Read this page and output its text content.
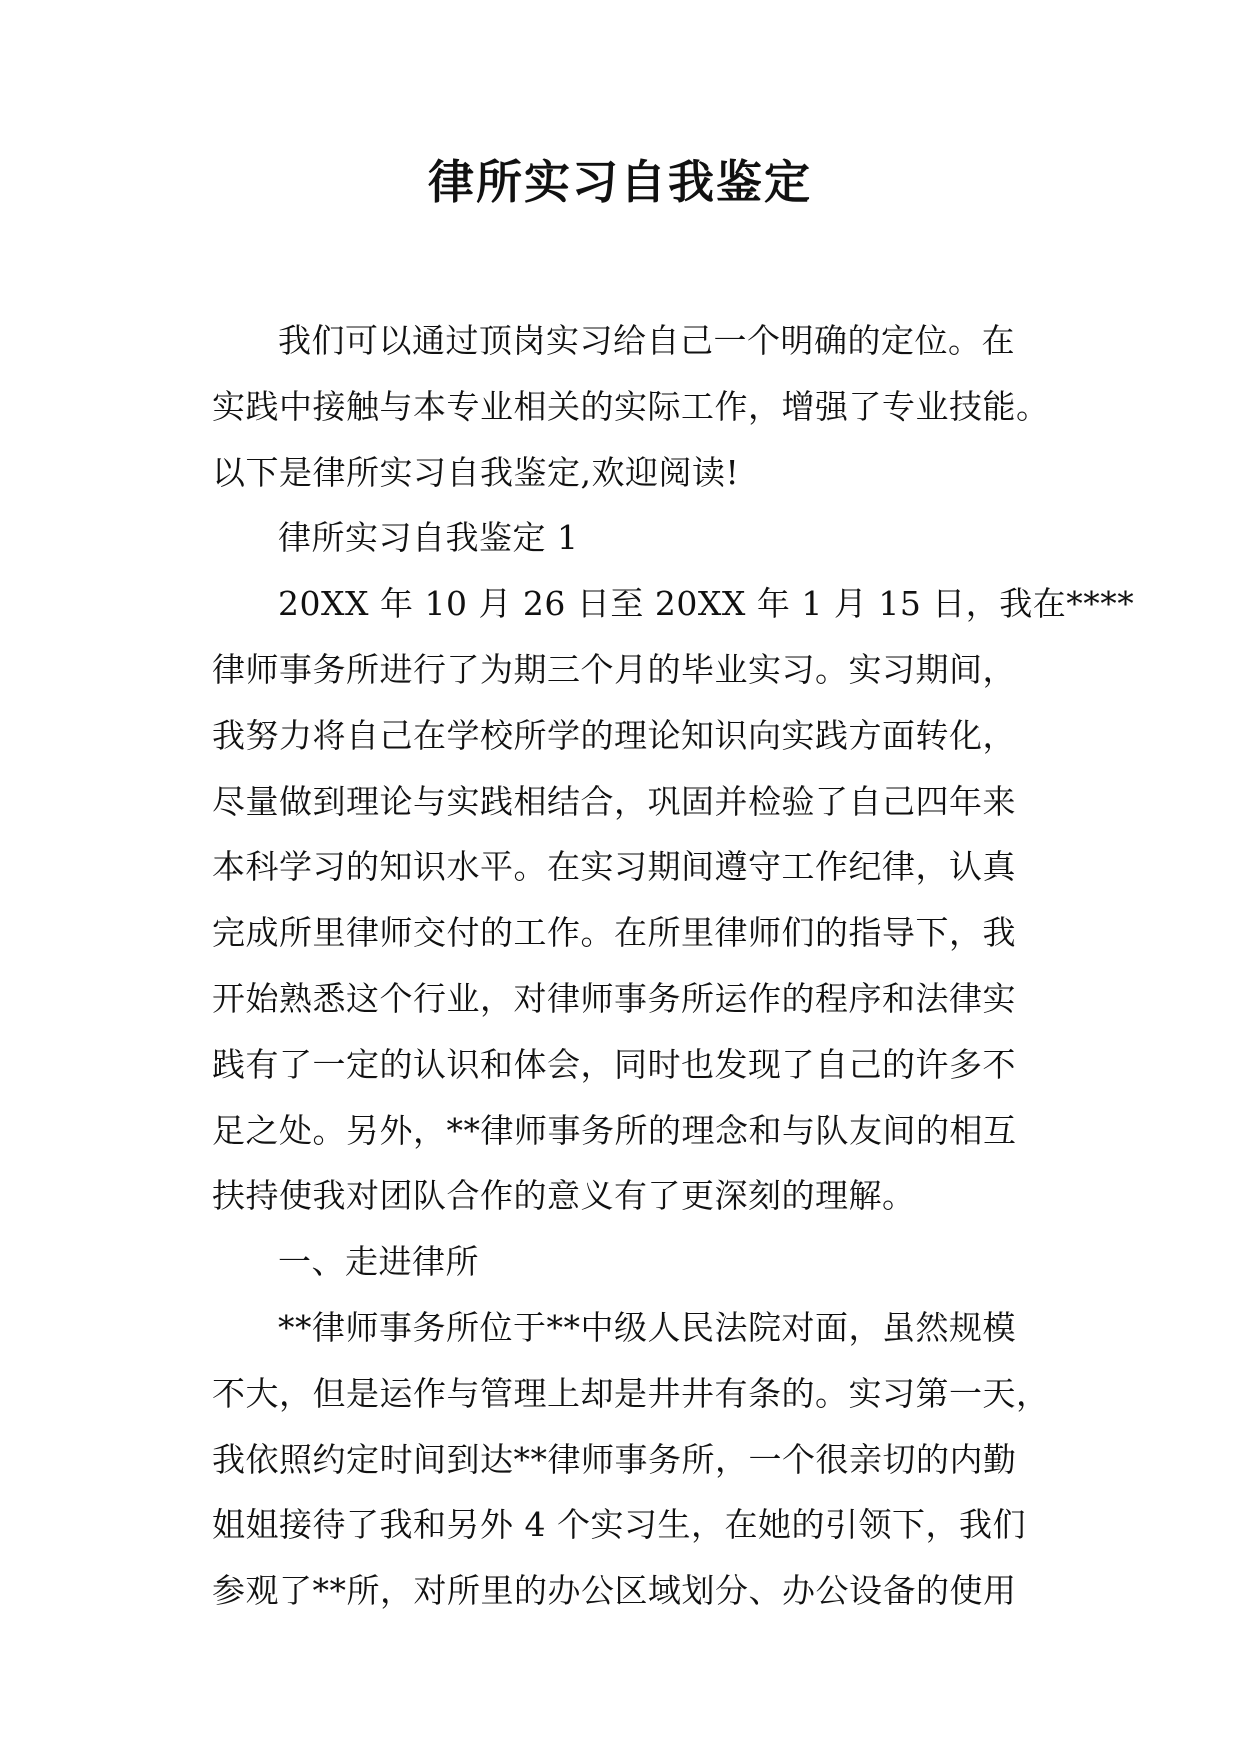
律所实习自我鉴定
我们可以通过顶岗实习给自己一个明确的定位。在
实践中接触与本专业相关的实际工作，增强了专业技能。
以下是律所实习自我鉴定,欢迎阅读!
律所实习自我鉴定 1
20XX 年 10 月 26 日至 20XX 年 1 月 15 日，我在****
律师事务所进行了为期三个月的毕业实习。实习期间，
我努力将自己在学校所学的理论知识向实践方面转化，
尽量做到理论与实践相结合，巩固并检验了自己四年来
本科学习的知识水平。在实习期间遵守工作纪律，认真
完成所里律师交付的工作。在所里律师们的指导下，我
开始熟悉这个行业，对律师事务所运作的程序和法律实
践有了一定的认识和体会，同时也发现了自己的许多不
足之处。另外，**律师事务所的理念和与队友间的相互
扶持使我对团队合作的意义有了更深刻的理解。
一、走进律所
**律师事务所位于**中级人民法院对面，虽然规模
不大，但是运作与管理上却是井井有条的。实习第一天，
我依照约定时间到达**律师事务所，一个很亲切的内勤
姐姐接待了我和另外 4 个实习生，在她的引领下，我们
参观了**所，对所里的办公区域划分、办公设备的使用
